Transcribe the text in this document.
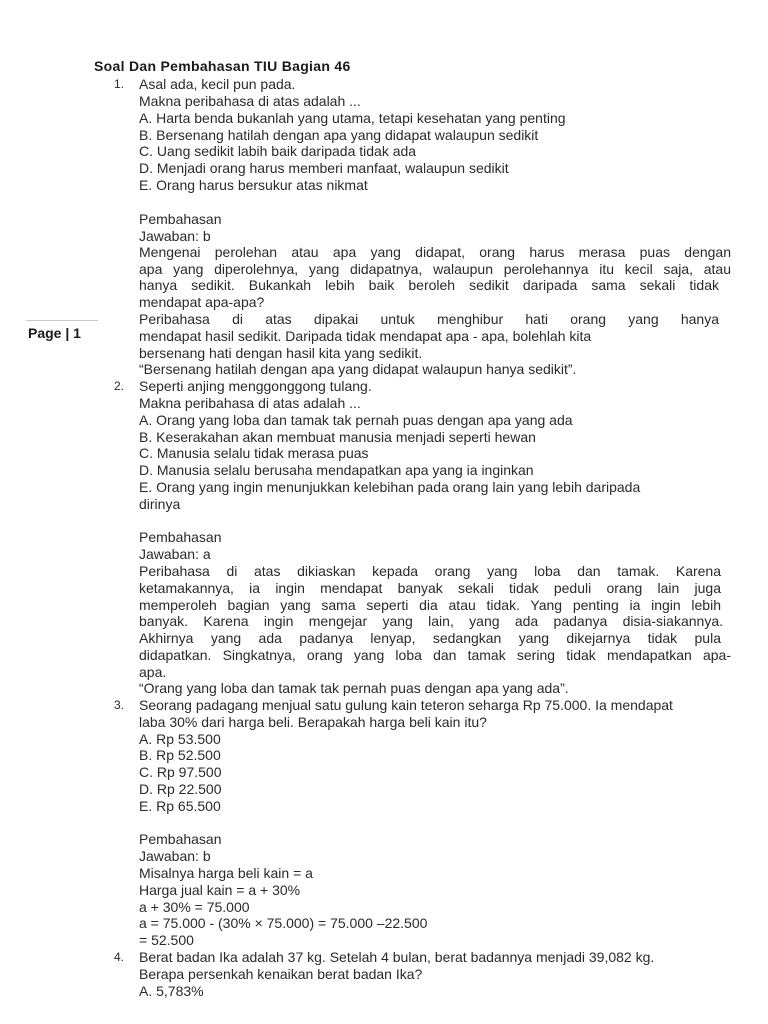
Soal Dan Pembahasan TIU Bagian 46
Page | 1
1. Asal ada, kecil pun pada.
Makna peribahasa di atas adalah ...
A. Harta benda bukanlah yang utama, tetapi kesehatan yang penting
B. Bersenang hatilah dengan apa yang didapat walaupun sedikit
C. Uang sedikit labih baik daripada tidak ada
D. Menjadi orang harus memberi manfaat, walaupun sedikit
E. Orang harus bersukur atas nikmat
Pembahasan
Jawaban: b
Mengenai perolehan atau apa yang didapat, orang harus merasa puas dengan
apa yang diperolehnya, yang didapatnya, walaupun perolehannya itu kecil saja, atau
hanya sedikit. Bukankah lebih baik beroleh sedikit daripada sama sekali tidak
mendapat apa-apa?
Peribahasa di atas dipakai untuk menghibur hati orang yang hanya
mendapat hasil sedikit. Daripada tidak mendapat apa - apa, bolehlah kita
bersenang hati dengan hasil kita yang sedikit.
“Bersenang hatilah dengan apa yang didapat walaupun hanya sedikit”.
2. Seperti anjing menggonggong tulang.
Makna peribahasa di atas adalah ...
A. Orang yang loba dan tamak tak pernah puas dengan apa yang ada
B. Keserakahan akan membuat manusia menjadi seperti hewan
C. Manusia selalu tidak merasa puas
D. Manusia selalu berusaha mendapatkan apa yang ia inginkan
E. Orang yang ingin menunjukkan kelebihan pada orang lain yang lebih daripada
dirinya
Pembahasan
Jawaban: a
Peribahasa di atas dikiaskan kepada orang yang loba dan tamak. Karena
ketamakannya, ia ingin mendapat banyak sekali tidak peduli orang lain juga
memperoleh bagian yang sama seperti dia atau tidak. Yang penting ia ingin lebih
banyak. Karena ingin mengejar yang lain, yang ada padanya disia-siakannya.
Akhirnya yang ada padanya lenyap, sedangkan yang dikejarnya tidak pula
didapatkan. Singkatnya, orang yang loba dan tamak sering tidak mendapatkan apa-
apa.
“Orang yang loba dan tamak tak pernah puas dengan apa yang ada”.
3. Seorang padagang menjual satu gulung kain teteron seharga Rp 75.000. Ia mendapat
laba 30% dari harga beli. Berapakah harga beli kain itu?
A. Rp 53.500
B. Rp 52.500
C. Rp 97.500
D. Rp 22.500
E. Rp 65.500
Pembahasan
Jawaban: b
Misalnya harga beli kain = a
Harga jual kain = a + 30%
a + 30% = 75.000
a = 75.000 - (30% × 75.000) = 75.000 –22.500
= 52.500
4. Berat badan Ika adalah 37 kg. Setelah 4 bulan, berat badannya menjadi 39,082 kg.
Berapa persenkah kenaikan berat badan Ika?
A. 5,783%
